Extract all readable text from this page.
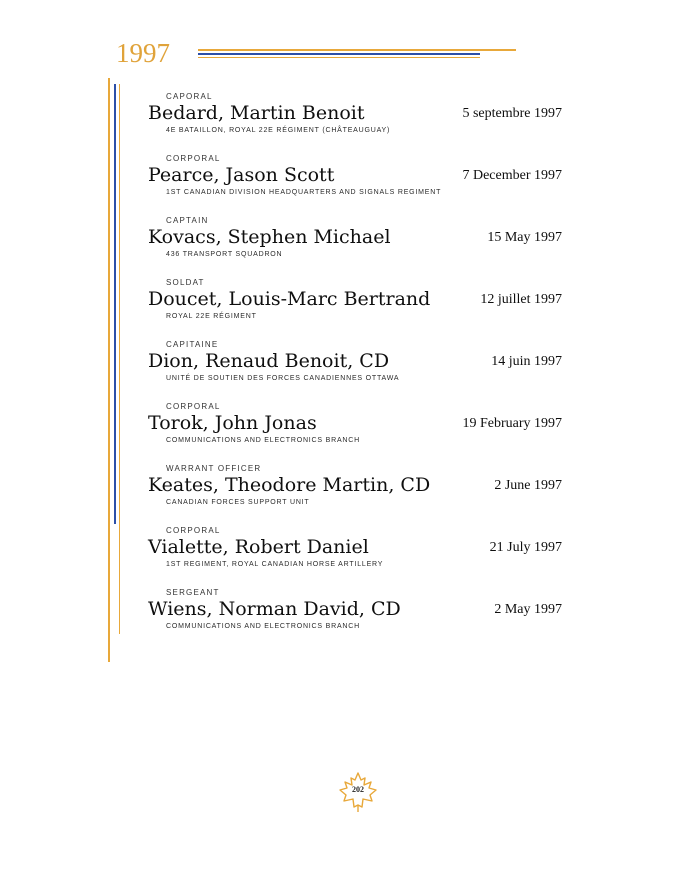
1997
CAPORAL
Bedard, Martin Benoit	5 septembre 1997
4E BATAILLON, ROYAL 22E RÉGIMENT (CHÂTEAUGUAY)
CORPORAL
Pearce, Jason Scott	7 December 1997
1ST CANADIAN DIVISION HEADQUARTERS AND SIGNALS REGIMENT
CAPTAIN
Kovacs, Stephen Michael	15 May 1997
436 TRANSPORT SQUADRON
SOLDAT
Doucet, Louis-Marc Bertrand	12 juillet 1997
ROYAL 22E RÉGIMENT
CAPITAINE
Dion, Renaud Benoit, CD	14 juin 1997
UNITÉ DE SOUTIEN DES FORCES CANADIENNES OTTAWA
CORPORAL
Torok, John Jonas	19 February 1997
COMMUNICATIONS AND ELECTRONICS BRANCH
WARRANT OFFICER
Keates, Theodore Martin, CD	2 June 1997
CANADIAN FORCES SUPPORT UNIT
CORPORAL
Vialette, Robert Daniel	21 July 1997
1ST REGIMENT, ROYAL CANADIAN HORSE ARTILLERY
SERGEANT
Wiens, Norman David, CD	2 May 1997
COMMUNICATIONS AND ELECTRONICS BRANCH
202
